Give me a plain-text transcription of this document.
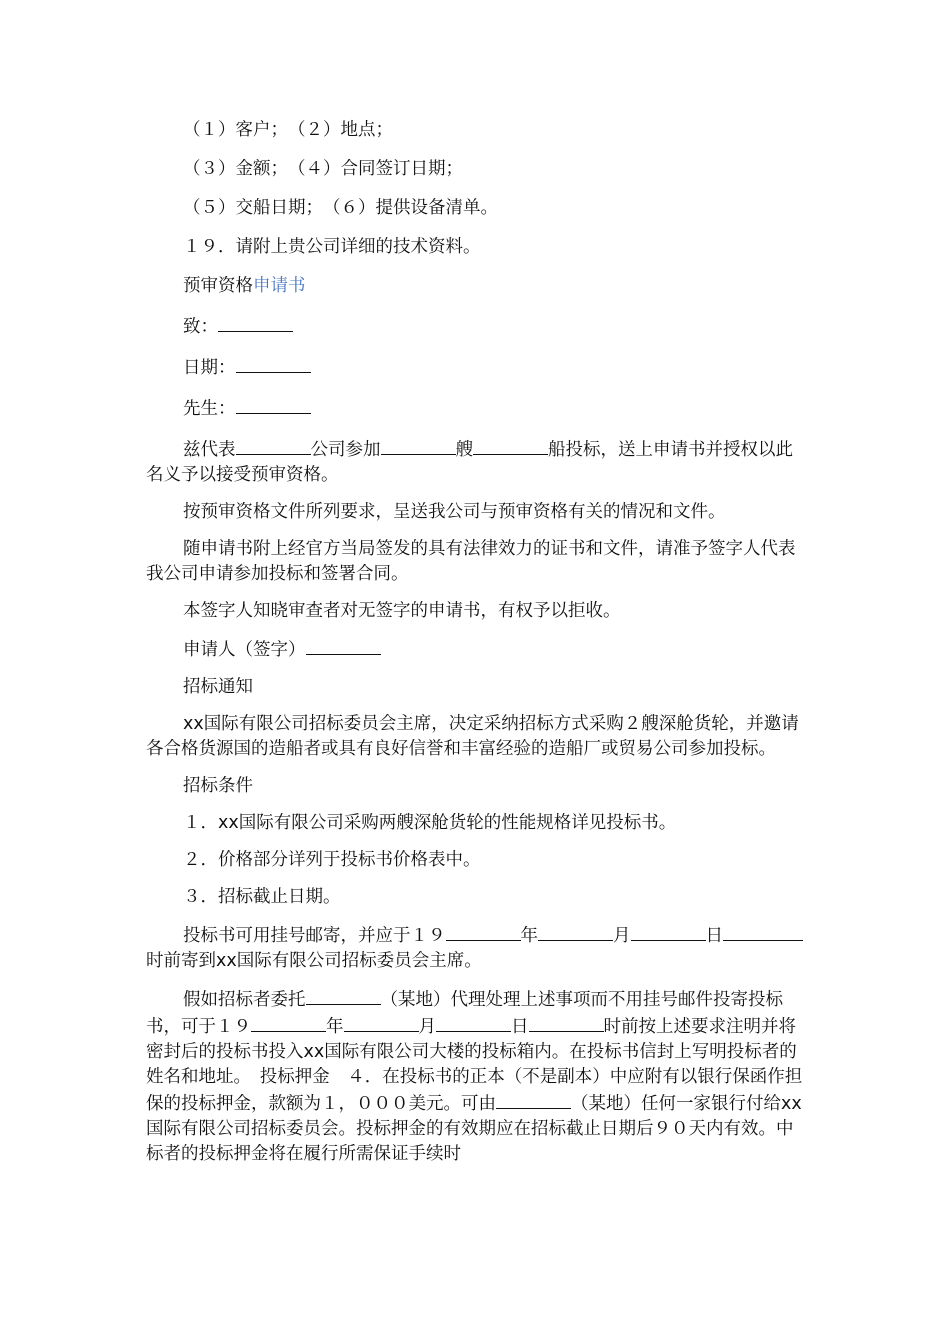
（１）客户；　（２）地点；

（３）金额；　（４）合同签订日期；

（５）交船日期；　（６）提供设备清单。

１９．请附上贵公司详细的技术资料。

预审资格申请书

致：

日期：

先生：

兹代表	公司参加	艘	船投标，送上申请书并授权以此名义予以接受预审资格。

按预审资格文件所列要求，呈送我公司与预审资格有关的情况和文件。

随申请书附上经官方当局签发的具有法律效力的证书和文件，请准予签字人代表我公司申请参加投标和签署合同。

本签字人知晓审查者对无签字的申请书，有权予以拒收。

申请人（签字）

招标通知

xx国际有限公司招标委员会主席，决定采纳招标方式采购２艘深舱货轮，并邀请各合格货源国的造船者或具有良好信誉和丰富经验的造船厂或贸易公司参加投标。

招标条件

１．xx国际有限公司采购两艘深舱货轮的性能规格详见投标书。

２．价格部分详列于投标书价格表中。

３．招标截止日期。

投标书可用挂号邮寄，并应于１９	年	月	日时前寄到xx国际有限公司招标委员会主席。

假如招标者委托	（某地）代理处理上述事项而不用挂号邮件投寄投标书，可于１９	年	月	日	时前按上述要求注明并将密封后的投标书投入xx国际有限公司大楼的投标箱内。在投标书信封上写明投标者的姓名和地址。　投标押金　４．在投标书的正本（不是副本）中应附有以银行保函作担保的投标押金，款额为１，０００美元。可由	（某地）任何一家银行付给xx国际有限公司招标委员会。投标押金的有效期应在招标截止日期后９０天内有效。中标者的投标押金将在履行所需保证手续时
